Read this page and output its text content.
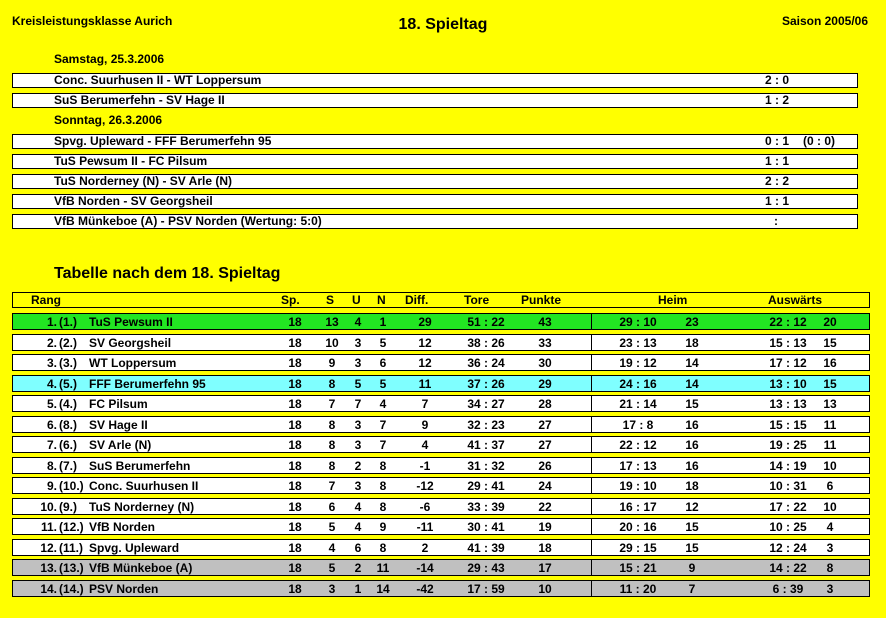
Kreisleistungsklasse Aurich	18. Spieltag	Saison 2005/06
Samstag, 25.3.2006
Conc. Suurhusen II - WT Loppersum	2 : 0
SuS Berumerfehn - SV Hage II	1 : 2
Sonntag, 26.3.2006
Spvg. Upleward - FFF Berumerfehn 95	0 : 1 (0 : 0)
TuS Pewsum II - FC Pilsum	1 : 1
TuS Norderney (N) - SV Arle (N)	2 : 2
VfB Norden - SV Georgsheil	1 : 1
VfB Münkeboe (A) - PSV Norden (Wertung: 5:0)	:
Tabelle nach dem 18. Spieltag
Rang	Sp. S U N Diff.	Tore	Punkte	Heim	Auswärts
1. (1.) TuS Pewsum II	18	13	4	1	29	51 : 22	43	29 : 10	23	22 : 12	20
2. (2.) SV Georgsheil	18	10	3	5	12	38 : 26	33	23 : 13	18	15 : 13	15
3. (3.) WT Loppersum	18	9	3	6	12	36 : 24	30	19 : 12	14	17 : 12	16
4. (5.) FFF Berumerfehn 95	18	8	5	5	11	37 : 26	29	24 : 16	14	13 : 10	15
5. (4.) FC Pilsum	18	7	7	4	7	34 : 27	28	21 : 14	15	13 : 13	13
6. (8.) SV Hage II	18	8	3	7	9	32 : 23	27	17 : 8	16	15 : 15	11
7. (6.) SV Arle (N)	18	8	3	7	4	41 : 37	27	22 : 12	16	19 : 25	11
8. (7.) SuS Berumerfehn	18	8	2	8	-1	31 : 32	26	17 : 13	16	14 : 19	10
9. (10.) Conc. Suurhusen II	18	7	3	8	-12	29 : 41	24	19 : 10	18	10 : 31	6
10. (9.) TuS Norderney (N)	18	6	4	8	-6	33 : 39	22	16 : 17	12	17 : 22	10
11. (12.) VfB Norden	18	5	4	9	-11	30 : 41	19	20 : 16	15	10 : 25	4
12. (11.) Spvg. Upleward	18	4	6	8	2	41 : 39	18	29 : 15	15	12 : 24	3
13. (13.) VfB Münkeboe (A)	18	5	2	11	-14	29 : 43	17	15 : 21	9	14 : 22	8
14. (14.) PSV Norden	18	3	1	14	-42	17 : 59	10	11 : 20	7	6 : 39	3
